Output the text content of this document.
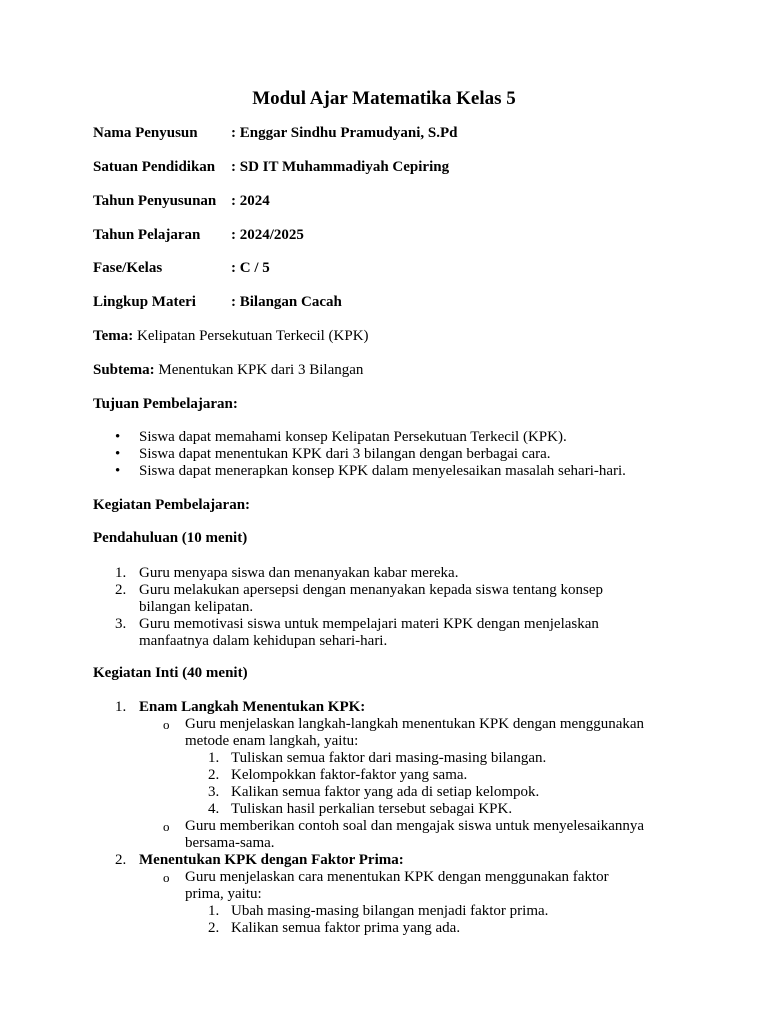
Modul Ajar Matematika Kelas 5
Nama Penyusun : Enggar Sindhu Pramudyani, S.Pd
Satuan Pendidikan : SD IT Muhammadiyah Cepiring
Tahun Penyusunan : 2024
Tahun Pelajaran : 2024/2025
Fase/Kelas	: C / 5
Lingkup Materi : Bilangan Cacah
Tema: Kelipatan Persekutuan Terkecil (KPK)
Subtema: Menentukan KPK dari 3 Bilangan
Tujuan Pembelajaran:
• Siswa dapat memahami konsep Kelipatan Persekutuan Terkecil (KPK).
• Siswa dapat menentukan KPK dari 3 bilangan dengan berbagai cara.
• Siswa dapat menerapkan konsep KPK dalam menyelesaikan masalah sehari-hari.
Kegiatan Pembelajaran:
Pendahuluan (10 menit)
1. Guru menyapa siswa dan menanyakan kabar mereka.
2. Guru melakukan apersepsi dengan menanyakan kepada siswa tentang konsep bilangan kelipatan.
3. Guru memotivasi siswa untuk mempelajari materi KPK dengan menjelaskan manfaatnya dalam kehidupan sehari-hari.
Kegiatan Inti (40 menit)
1. Enam Langkah Menentukan KPK:
o Guru menjelaskan langkah-langkah menentukan KPK dengan menggunakan metode enam langkah, yaitu:
1. Tuliskan semua faktor dari masing-masing bilangan.
2. Kelompokkan faktor-faktor yang sama.
3. Kalikan semua faktor yang ada di setiap kelompok.
4. Tuliskan hasil perkalian tersebut sebagai KPK.
o Guru memberikan contoh soal dan mengajak siswa untuk menyelesaikannya bersama-sama.
2. Menentukan KPK dengan Faktor Prima:
o Guru menjelaskan cara menentukan KPK dengan menggunakan faktor prima, yaitu:
1. Ubah masing-masing bilangan menjadi faktor prima.
2. Kalikan semua faktor prima yang ada.
